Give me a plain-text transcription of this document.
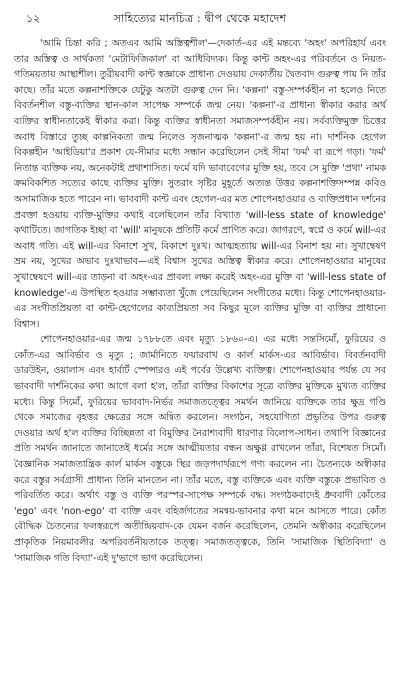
১২	সাহিত্যের মানচিত্র : দ্বীপ থেকে মহাদেশ

'আমি চিন্তা করি ; অতএব আমি অস্তিত্বশীল'—দেকার্ত-এর এই মন্তব্যে 'অহং' অপরিহার্য এবং তার অস্তিত্ব ও সার্থকতা 'মেটাফিজিকাল' বা আধিবিদ্যক। কিন্তু কান্ট অহং-এর পরিবর্তনে ও নিয়ত-গতিময়তায় আস্থাশীল। তুরীয়বাদী কান্ট স্বজ্ঞাকে প্রাধান্য দেওয়ায় দেকার্তীয় দ্বৈতবাদ গুরুত্ব পায় নি তাঁর কাছে। তাঁর মতে কল্পনাশক্তিকে যেটুকু অতটা গুরুত্ব দেন নি। 'কল্পনা' বস্তু-সম্পর্কহীন না হলেও নিতে বিবর্তনশীল বস্তু-ব্যক্তির স্থান-কাল সাপেক্ষ সম্পর্কে জন্ম নেয়। 'কল্পনা'-র প্রাধান্য স্বীকার করার অর্থ ব্যক্তির স্বাধীনতাকেই স্বীকার করা। কিন্তু ব্যক্তির স্বাধীনতা সমাজসম্পর্কহীন নয়। সর্বব্যক্তিমুক্ত চিত্তের অবাধ বিস্তারে তুচ্ছ কাল্পনিকতা জন্ম নিলেও সৃজনাত্মক 'কল্পনা'-র জন্ম হয় না। দার্শনিক হেগেল বিকল্পহীন 'আইডিয়া'র প্রকাশ যে-সীমার মধ্যে সন্ধান করেছিলেন সেই সীমা 'ফর্ম' বা রূপে গড়া। 'ফর্ম' নিতান্ত ব্যক্তিক নয়, অনেকটাই প্রথাশাসিত। ফর্মে যদি ভাবাবেগের মুক্তি হয়, তবে সে মুক্তি 'প্রথা' নামক ক্রমবিকশিত সত্যের কাছে ব্যক্তির মুক্তি। সুতরাং সৃষ্টির মুহূর্তে অত্যন্ত উত্তর কল্পনাশক্তিসম্পন্ন কবিও অসামাজিক হতে পারেন না। ভাববাদী কান্ট এবং হেগেল-এর মত শোপেনহাওয়ার ও ব্যক্তিপ্রধান দর্শনের প্রবক্তা হওয়ায় ব্যক্তি-মুক্তির কথাই বলেছিলেন তাঁর বিখ্যাত 'will-less state of knowledge' কথাটিতে। জাগতিক ইচ্ছা বা 'will' মানুষকে প্রতিটি কর্মে প্রাণিত করে। জাগরণে, স্বপ্নে ও কর্মে will-এর অবাধ গতি। এই will-এর বিনাশে সুখ, বিকাশে দুঃখ। আত্মহত্যায় will-এর বিনাশ হয় না। সুখাম্বেষণ ভ্রম নয়, সুখের অভাব দুঃখাভাব—এই বিশ্বাস সুখের অস্তিত্ব স্বীকার করে। শোপেনহাওয়ার মানুষের সুখাম্বেষণে will-এর তাড়না বা অহং-এর প্রাবল্য লক্ষ্য করেই অহং-এর মুক্তি বা 'will-less state of knowledge'-এ উপস্থিত হওয়ার সম্ভাব্যতা খুঁজে পেয়েছিলেন সংগীতের মধ্যে। কিন্তু শোপেনহাওয়ার-এর সংগীতপ্রিয়তা বা কান্ট-হেগেলের কাব্যপ্রিয়তা সব কিছুর মূলে ব্যক্তির মুক্তি বা ব্যক্তির প্রাধান্যে বিশ্বাস।

শোপেনহাওয়ার-এর জন্ম ১৭৮৮তে এবং মৃত্যু ১৮৬০-এ। এর মধ্যে সন্তসিমোঁ, ফুরিয়ের ও কোঁত-এর আবির্ভাব ও মৃত্যু ; জার্মানিতে ফয়ারবাখ ও কার্ল মার্কস-এর আবির্ভাব। বিবর্তনবাদী ডারউইন, ওয়ালাস এবং হার্বার্ট স্পেন্সারও এই পর্বের উল্লেখ্য ব্যক্তিত্ব। শোপেনহাওয়ার পর্যন্ত যে সব ভাববাদী দার্শনিকের কথা আগে বলা হ'ল, তাঁরা ব্যক্তির বিকাশের সূত্রে ব্যক্তির মুক্তিকে মুখ্যত ব্যক্তির মধ্যে। কিন্তু সিমোঁ, ফুরিয়ের ভাববাদ-নির্ভর সমাজতত্ত্বের সমর্থন জানিয়ে ব্যক্তিকে তার ক্ষুদ্র গণ্ডি থেকে সমাজের বৃহত্তর ক্ষেত্রের সঙ্গে অন্বিত করলেন। সংগঠন, সহযোগিতা প্রভৃতির উপর গুরুত্ব দেওয়ার অর্থ হ'ল ব্যক্তির বিচ্ছিন্নতা বা বিমুক্তির নৈরাশ্যবাদী ধারণার বিলোপ-সাধন। তথাপি বিজ্ঞানের প্রতি সমর্থন জানাতে জানাতেই ধর্মের সঙ্গে আত্মীয়তার বন্ধন অক্ষুণ্ণ রাখলেন তাঁরা, বিশেষত সিমোঁ। বৈজ্ঞানিক সমাজতান্ত্রিক কার্ল মার্কস বস্তুকে স্থির জড়পদার্থরূপে গণ্য করলেন না। চৈতন্যকে অস্বীকার করে বস্তুর সর্বগ্রাসী প্রাধান্য তিনি মানতেন না। তাঁর মতে, বস্তু ব্যক্তিকে এবং ব্যক্তি বস্তুকে প্রভাবিত ও পরিবর্তিত করে। অর্থাৎ বস্তু ও ব্যক্তি পরস্পর-সাপেক্ষ সম্পর্কে বদ্ধ। সংগঠকবাদেই ধ্রুববাদী কোঁতের 'ego' এবং 'non-ego' বা ব্যক্তি এবং বহির্জগতের সমন্বয়-ভাবনার কথা মনে আসতে পারে। কোঁত বৌদ্ধিক চৈতন্যের ফলস্বরূপে অতীন্দ্রিয়বাদ-কে যেমন বর্জন করেছিলেন, তেমনি অস্বীকার করেছিলেন প্রাকৃতিক নিয়মাবলীর অপরিবর্তনীয়তাকে তত্ত্ব। সমাজতত্ত্বকে, তিনি 'সামাজিক স্থিতিবিদ্যা' ও 'সামাজিক গতি বিদ্যা'-এই দু'ভাগে ভাগ করেছিলেন।
